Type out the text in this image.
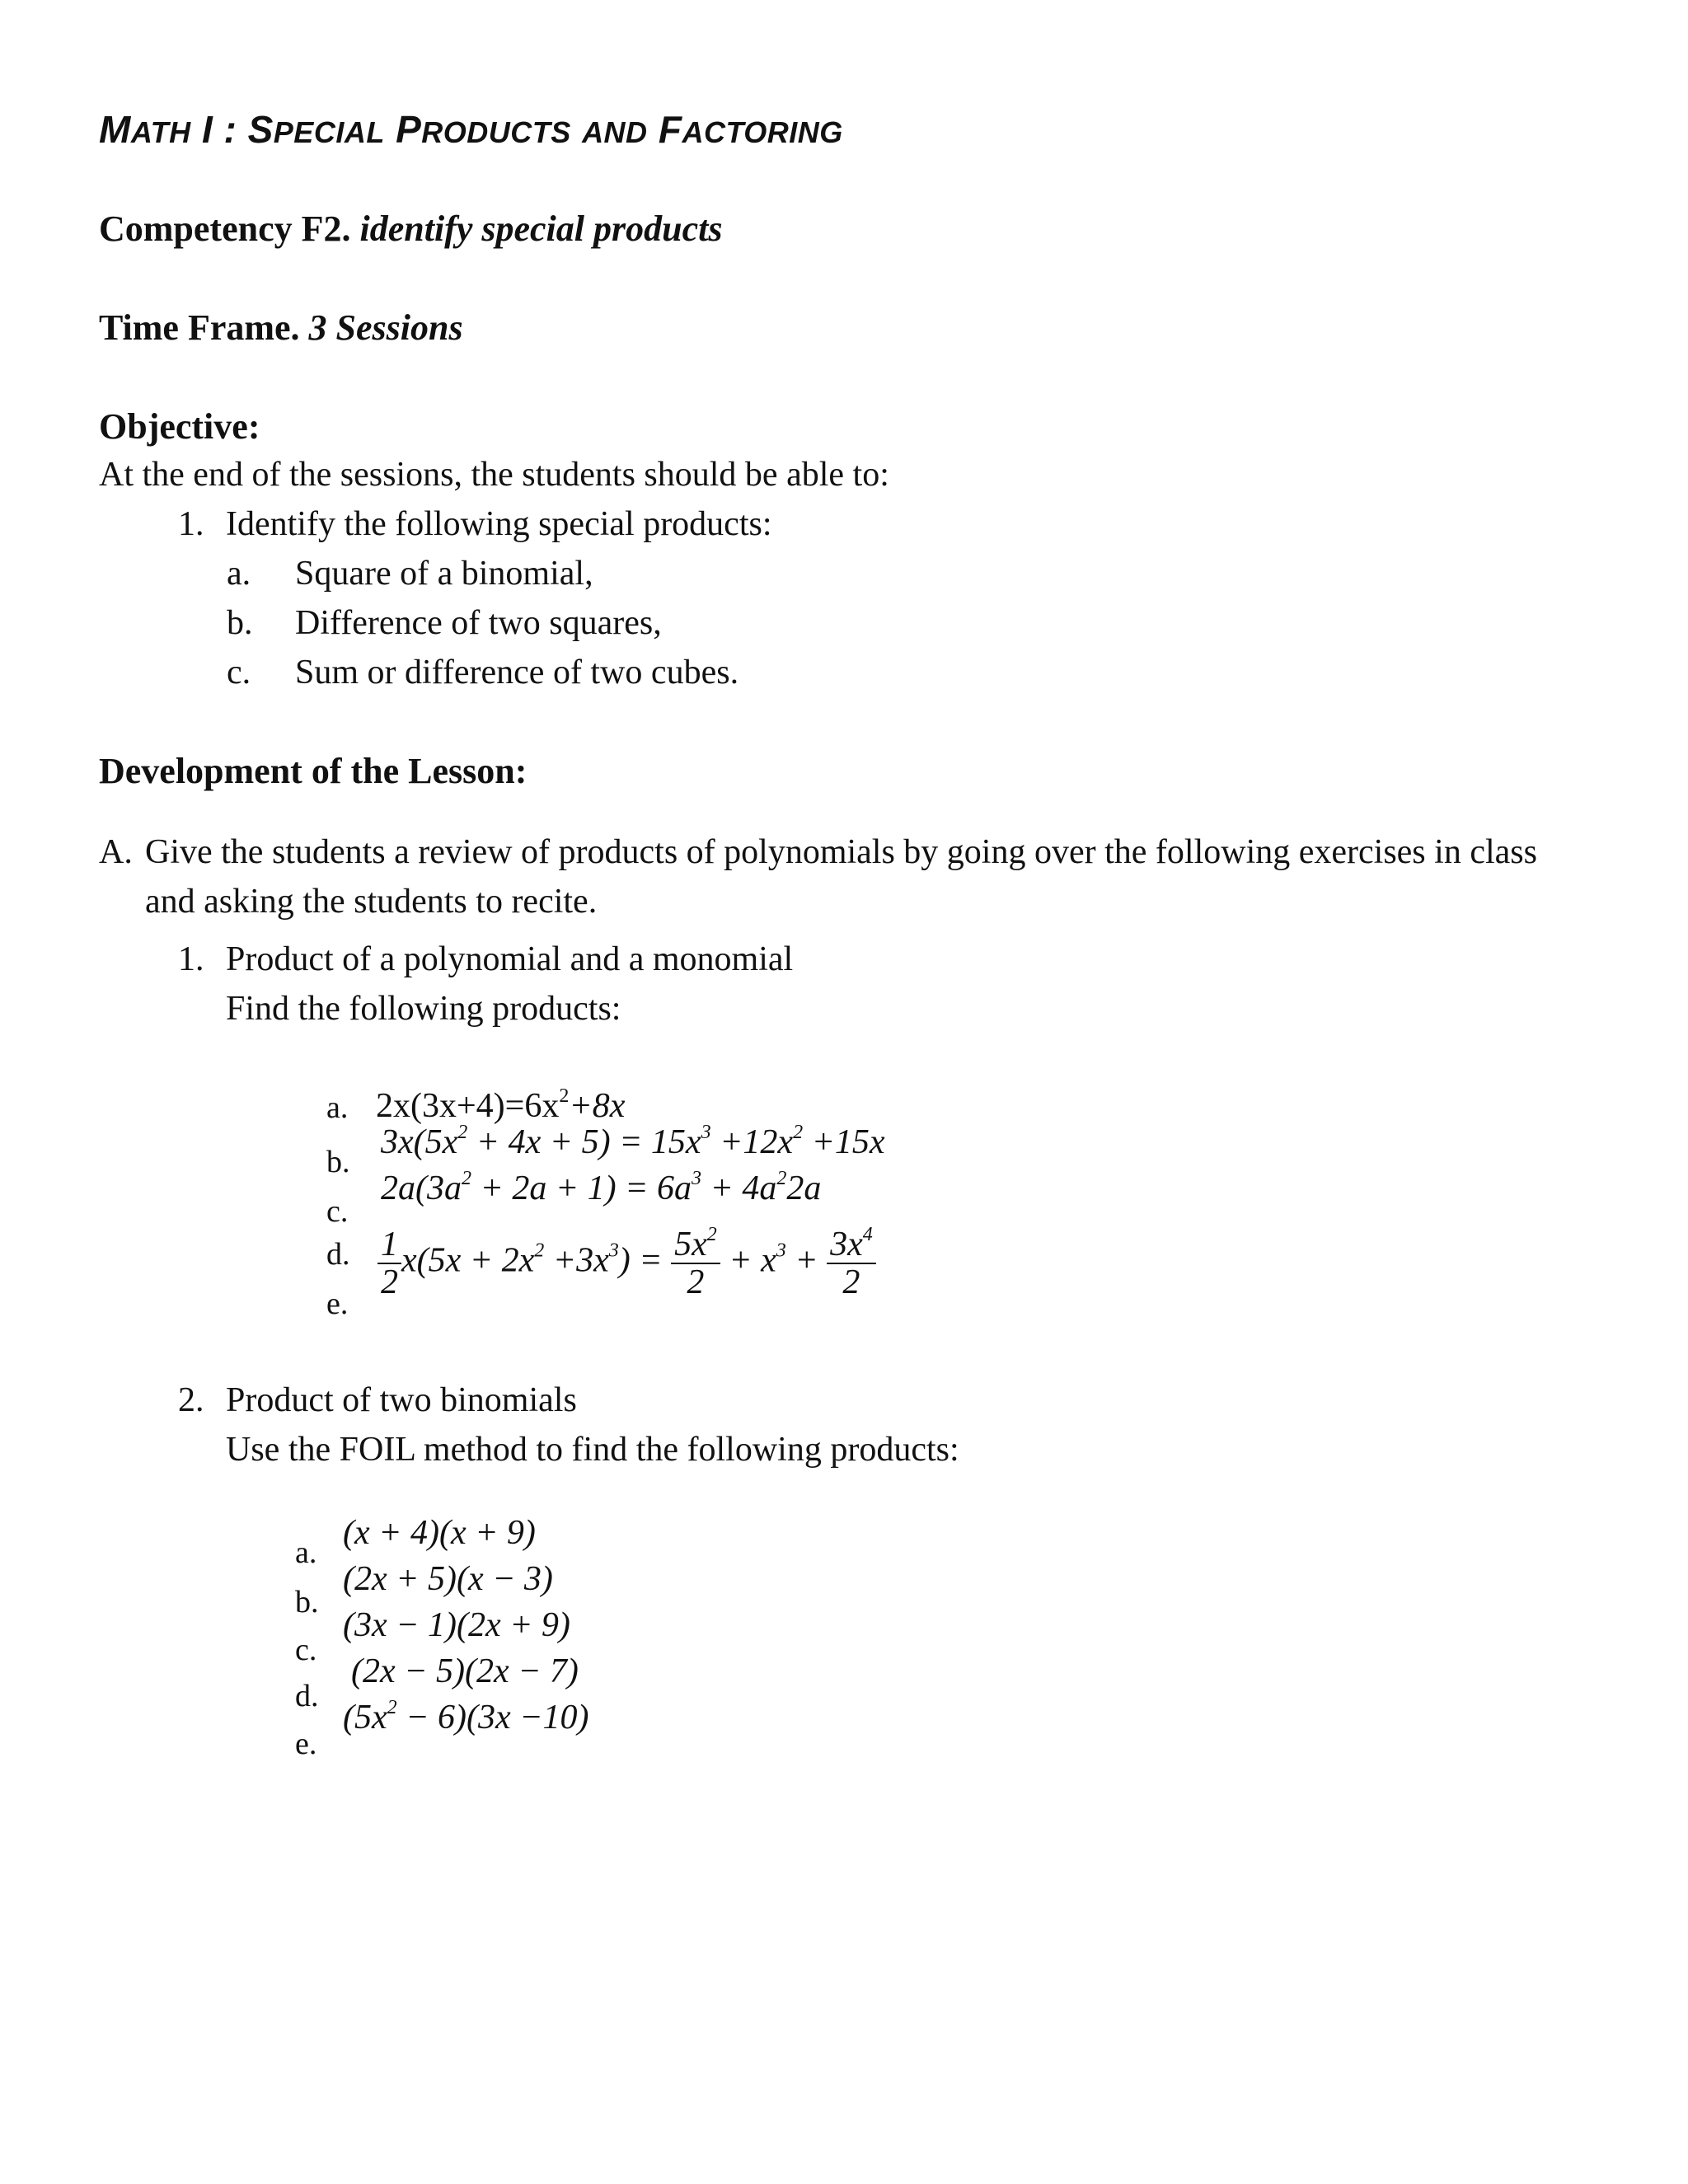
MATH I : SPECIAL PRODUCTS AND FACTORING
Competency F2. identify special products
Time Frame. 3 Sessions
Objective:
At the end of the sessions, the students should be able to:
1. Identify the following special products:
a. Square of a binomial,
b. Difference of two squares,
c. Sum or difference of two cubes.
Development of the Lesson:
A. Give the students a review of products of polynomials by going over the following exercises in class
and asking the students to recite.
1. Product of a polynomial and a monomial
Find the following products:
a. $2x(3x+4)=6x^2+8x$
b.
$3x(5x^2 + 4x + 5) = 15x^3 +12x^2 +15x$
c.
$2a(3a^2 + 2a + 1) = 6a^3 + 4a^22a$
d.
e.
$\frac{1}{2} x(5x + 2x^2 +3x^3) = \frac{5x^2}{2} + x^3 + \frac{3x^4}{2}$
2. Product of two binomials
Use the FOIL method to find the following products:
a.
(x + 4)(x + 9)
b.
(2x + 5)(x − 3)
c.
(3x − 1)(2x + 9)
d.
(2x − 5)(2x − 7)
e.
$(5x^2 - 6)(3x -10)$
